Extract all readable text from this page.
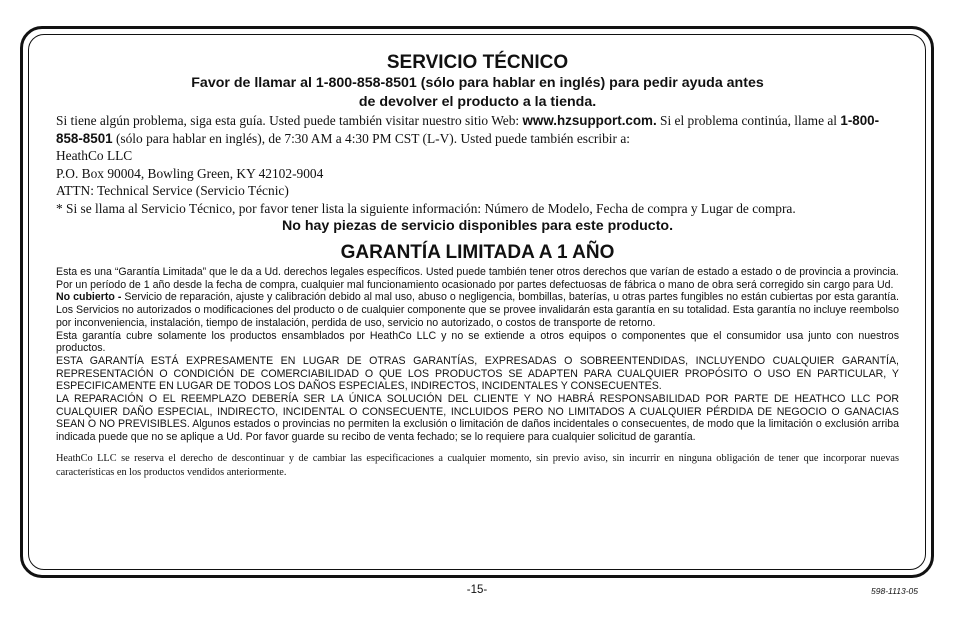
SERVICIO TÉCNICO

Favor de llamar al 1-800-858-8501 (sólo para hablar en inglés) para pedir ayuda antes

de devolver el producto a la tienda.

Si tiene algún problema, siga esta guía. Usted puede también visitar nuestro sitio Web: www.hzsupport.com. Si el problema continúa, llame al 1-800-858-8501 (sólo para hablar en inglés), de 7:30 AM a 4:30 PM CST (L-V). Usted puede también escribir a:

HeathCo LLC

P.O. Box 90004, Bowling Green, KY 42102-9004

ATTN: Technical Service (Servicio Técnic)

* Si se llama al Servicio Técnico, por favor tener lista la siguiente información: Número de Modelo, Fecha de compra y Lugar de compra.

No hay piezas de servicio disponibles para este producto.

GARANTÍA LIMITADA A 1 AÑO

Esta es una “Garantía Limitada” que le da a Ud. derechos legales específicos. Usted puede también tener otros derechos que varían de estado a estado o de provincia a provincia.

Por un período de 1 año desde la fecha de compra, cualquier mal funcionamiento ocasionado por partes defectuosas de fábrica o mano de obra será corregido sin cargo para Ud.

No cubierto - Servicio de reparación, ajuste y calibración debido al mal uso, abuso o negligencia, bombillas, baterías, u otras partes fungibles no están cubiertas por esta garantía. Los Servicios no autorizados o modificaciones del producto o de cualquier componente que se provee invalidarán esta garantía en su totalidad. Esta garantía no incluye reembolso por inconveniencia, instalación, tiempo de instalación, perdida de uso, servicio no autorizado, o costos de transporte de retorno.

Esta garantía cubre solamente los productos ensamblados por HeathCo LLC y no se extiende a otros equipos o componentes que el consumidor usa junto con nuestros productos.

ESTA GARANTÍA ESTÁ EXPRESAMENTE EN LUGAR DE OTRAS GARANTÍAS, EXPRESADAS O SOBREENTENDIDAS, INCLUYENDO CUALQUIER GARANTÍA, REPRESENTACIÓN O CONDICIÓN DE COMERCIABILIDAD O QUE LOS PRODUCTOS SE ADAPTEN PARA CUALQUIER PROPÓSITO O USO EN PARTICULAR, Y ESPECIFICAMENTE EN LUGAR DE TODOS LOS DAÑOS ESPECIALES, INDIRECTOS, INCIDENTALES Y CONSECUENTES.

LA REPARACIÓN O EL REEMPLAZO DEBERÍA SER LA ÚNICA SOLUCIÓN DEL CLIENTE Y NO HABRÁ RESPONSABILIDAD POR PARTE DE HEATHCO LLC POR CUALQUIER DAÑO ESPECIAL, INDIRECTO, INCIDENTAL O CONSECUENTE, INCLUIDOS PERO NO LIMITADOS A CUALQUIER PÉRDIDA DE NEGOCIO O GANACIAS SEAN O NO PREVISIBLES. Algunos estados o provincias no permiten la exclusión o limitación de daños incidentales o consecuentes, de modo que la limitación o exclusión arriba indicada puede que no se aplique a Ud. Por favor guarde su recibo de venta fechado; se lo requiere para cualquier solicitud de garantía.

HeathCo LLC se reserva el derecho de descontinuar y de cambiar las especificaciones a cualquier momento, sin previo aviso, sin incurrir en ninguna obligación de tener que incorporar nuevas características en los productos vendidos anteriormente.

-15-	598-1113-05
